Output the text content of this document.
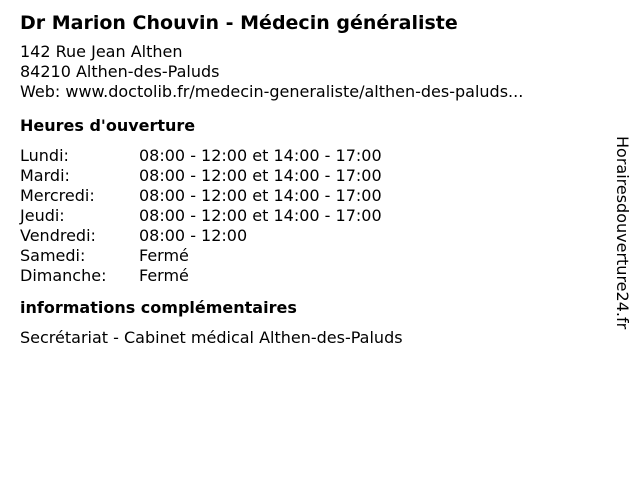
Dr Marion Chouvin - Médecin généraliste
142 Rue Jean Althen
84210 Althen-des-Paluds
Web: www.doctolib.fr/medecin-generaliste/althen-des-paluds...
Heures d'ouverture
Lundi:	08:00 - 12:00 et 14:00 - 17:00
Mardi:	08:00 - 12:00 et 14:00 - 17:00
Mercredi:	08:00 - 12:00 et 14:00 - 17:00
Jeudi:	08:00 - 12:00 et 14:00 - 17:00
Vendredi:	08:00 - 12:00
Samedi:	Fermé
Dimanche:	Fermé
informations complémentaires
Secrétariat - Cabinet médical Althen-des-Paluds
Horairesdouverture24.fr
